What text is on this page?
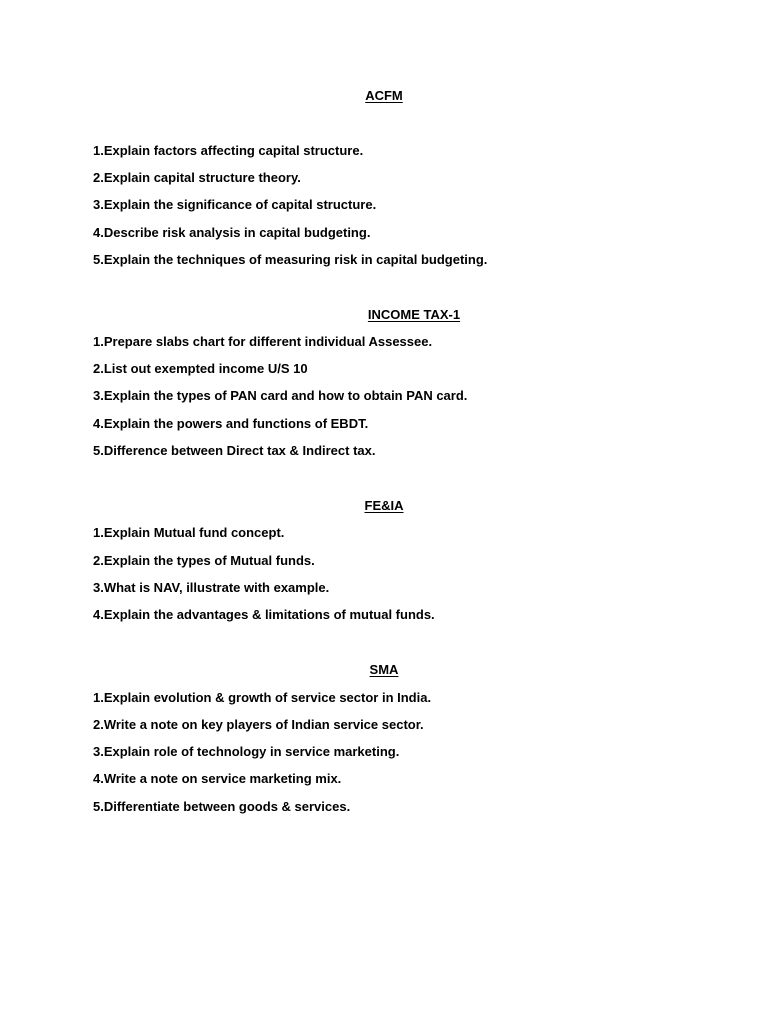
ACFM
1.Explain factors affecting capital structure.
2.Explain capital structure theory.
3.Explain the significance of capital structure.
4.Describe risk analysis in capital budgeting.
5.Explain the techniques of measuring risk in capital budgeting.
INCOME TAX-1
1.Prepare slabs chart for different individual Assessee.
2.List out exempted income U/S 10
3.Explain the types of PAN card and how to obtain PAN card.
4.Explain the powers and functions of EBDT.
5.Difference between Direct tax & Indirect tax.
FE&IA
1.Explain Mutual fund concept.
2.Explain the types of Mutual funds.
3.What is NAV, illustrate with example.
4.Explain the advantages & limitations of mutual funds.
SMA
1.Explain evolution & growth of service sector in India.
2.Write a note on key players of Indian service sector.
3.Explain role of technology in service marketing.
4.Write a note on service marketing mix.
5.Differentiate between goods & services.
